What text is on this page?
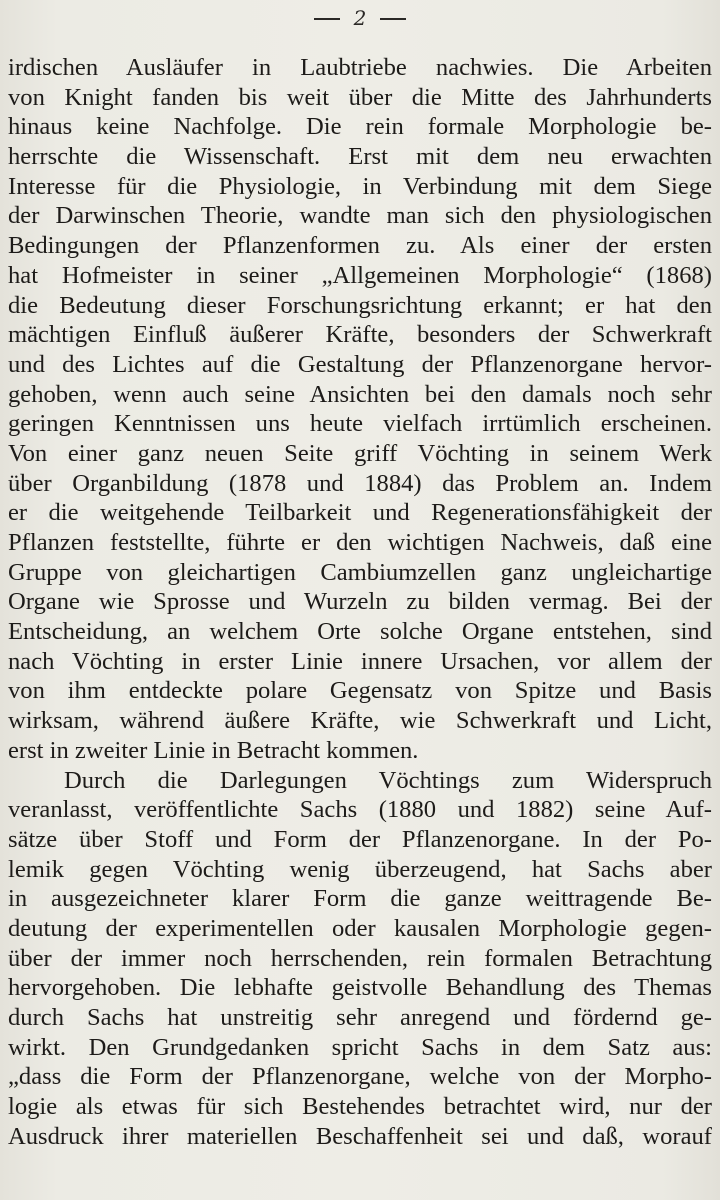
2
irdischen Ausläufer in Laubtriebe nachwies. Die Arbeiten
von Knight fanden bis weit über die Mitte des Jahrhunderts
hinaus keine Nachfolge. Die rein formale Morphologie be-
herrschte die Wissenschaft. Erst mit dem neu erwachten
Interesse für die Physiologie, in Verbindung mit dem Siege
der Darwinschen Theorie, wandte man sich den physiologischen
Bedingungen der Pflanzenformen zu. Als einer der ersten
hat Hofmeister in seiner „Allgemeinen Morphologie“ (1868)
die Bedeutung dieser Forschungsrichtung erkannt; er hat den
mächtigen Einfluß äußerer Kräfte, besonders der Schwerkraft
und des Lichtes auf die Gestaltung der Pflanzenorgane hervor-
gehoben, wenn auch seine Ansichten bei den damals noch sehr
geringen Kenntnissen uns heute vielfach irrtümlich erscheinen.
Von einer ganz neuen Seite griff Vöchting in seinem Werk
über Organbildung (1878 und 1884) das Problem an. Indem
er die weitgehende Teilbarkeit und Regenerationsfähigkeit der
Pflanzen feststellte, führte er den wichtigen Nachweis, daß eine
Gruppe von gleichartigen Cambiumzellen ganz ungleichartige
Organe wie Sprosse und Wurzeln zu bilden vermag. Bei der
Entscheidung, an welchem Orte solche Organe entstehen, sind
nach Vöchting in erster Linie innere Ursachen, vor allem der
von ihm entdeckte polare Gegensatz von Spitze und Basis
wirksam, während äußere Kräfte, wie Schwerkraft und Licht,
erst in zweiter Linie in Betracht kommen.
Durch die Darlegungen Vöchtings zum Widerspruch
veranlasst, veröffentlichte Sachs (1880 und 1882) seine Auf-
sätze über Stoff und Form der Pflanzenorgane. In der Po-
lemik gegen Vöchting wenig überzeugend, hat Sachs aber
in ausgezeichneter klarer Form die ganze weittragende Be-
deutung der experimentellen oder kausalen Morphologie gegen-
über der immer noch herrschenden, rein formalen Betrachtung
hervorgehoben. Die lebhafte geistvolle Behandlung des Themas
durch Sachs hat unstreitig sehr anregend und fördernd ge-
wirkt. Den Grundgedanken spricht Sachs in dem Satz aus:
„dass die Form der Pflanzenorgane, welche von der Morpho-
logie als etwas für sich Bestehendes betrachtet wird, nur der
Ausdruck ihrer materiellen Beschaffenheit sei und daß, worauf
